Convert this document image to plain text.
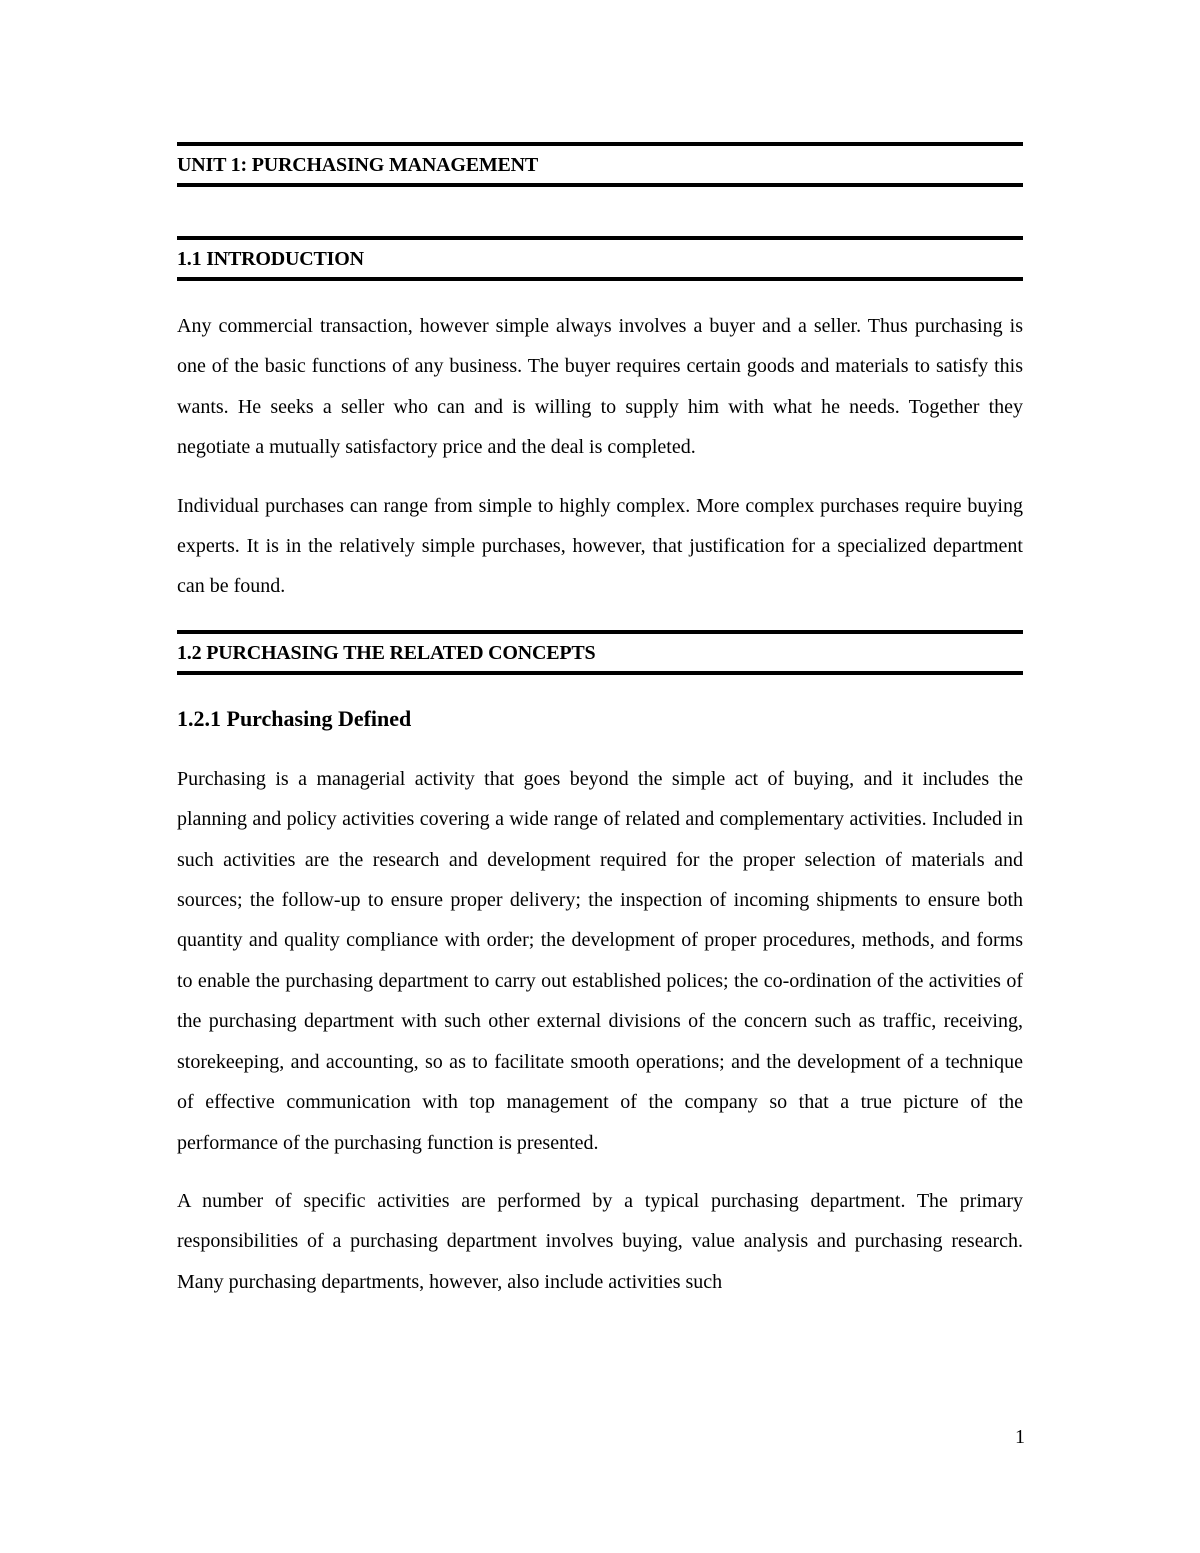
UNIT 1: PURCHASING MANAGEMENT
1.1 INTRODUCTION

Any commercial transaction, however simple always involves a buyer and a seller. Thus purchasing is one of the basic functions of any business. The buyer requires certain goods and materials to satisfy this wants. He seeks a seller who can and is willing to supply him with what he needs. Together they negotiate a mutually satisfactory price and the deal is completed.

Individual purchases can range from simple to highly complex. More complex purchases require buying experts. It is in the relatively simple purchases, however, that justification for a specialized department can be found.

1.2 PURCHASING THE RELATED CONCEPTS
1.2.1 Purchasing Defined

Purchasing is a managerial activity that goes beyond the simple act of buying, and it includes the planning and policy activities covering a wide range of related and complementary activities. Included in such activities are the research and development required for the proper selection of materials and sources; the follow-up to ensure proper delivery; the inspection of incoming shipments to ensure both quantity and quality compliance with order; the development of proper procedures, methods, and forms to enable the purchasing department to carry out established polices; the co-ordination of the activities of the purchasing department with such other external divisions of the concern such as traffic, receiving, storekeeping, and accounting, so as to facilitate smooth operations; and the development of a technique of effective communication with top management of the company so that a true picture of the performance of the purchasing function is presented.

A number of specific activities are performed by a typical purchasing department. The primary responsibilities of a purchasing department involves buying, value analysis and purchasing research. Many purchasing departments, however, also include activities such

1
